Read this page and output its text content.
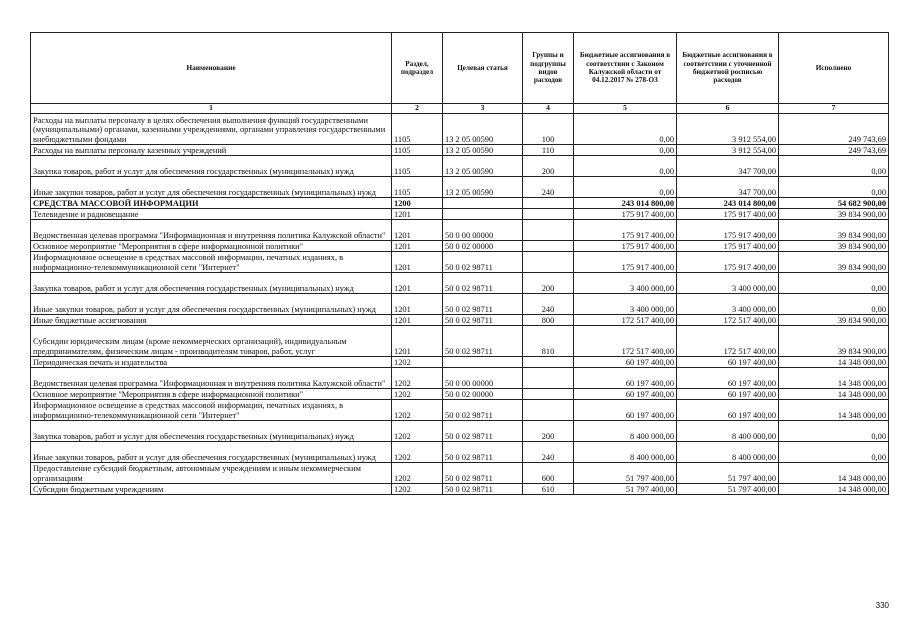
Наименование	Раздел, подраздел	Целевая статья	Группы и подгруппы видов расходов	Бюджетные ассигнования в соответствии с Законом Калужской области от 04.12.2017 № 278-ОЗ	Бюджетные ассигнования в соответствии с уточненной бюджетной росписью расходов	Исполнено
1	2	3	4	5	6	7
Расходы на выплаты персоналу в целях обеспечения выполнения функций государственными (муниципальными) органами, казенными учреждениями, органами управления государственными внебюджетными фондами	1105	13 2 05 00590	100	0,00	3 912 554,00	249 743,69
Расходы на выплаты персоналу казенных учреждений	1105	13 2 05 00590	110	0,00	3 912 554,00	249 743,69
Закупка товаров, работ и услуг для обеспечения государственных (муниципальных) нужд	1105	13 2 05 00590	200	0,00	347 700,00	0,00
Иные закупки товаров, работ и услуг для обеспечения государственных (муниципальных) нужд	1105	13 2 05 00590	240	0,00	347 700,00	0,00
СРЕДСТВА МАССОВОЙ ИНФОРМАЦИИ	1200			243 014 800,00	243 014 800,00	54 682 900,00
Телевидение и радиовещание	1201			175 917 400,00	175 917 400,00	39 834 900,00
Ведомственная целевая программа "Информационная и внутренняя политика Калужской области"	1201	50 0 00 00000		175 917 400,00	175 917 400,00	39 834 900,00
Основное мероприятие "Мероприятия в сфере информационной политики"	1201	50 0 02 00000		175 917 400,00	175 917 400,00	39 834 900,00
Информационное освещение в средствах массовой информации, печатных изданиях, в информационно-телекоммуникационной сети "Интернет"	1201	50 0 02 98711		175 917 400,00	175 917 400,00	39 834 900,00
Закупка товаров, работ и услуг для обеспечения государственных (муниципальных) нужд	1201	50 0 02 98711	200	3 400 000,00	3 400 000,00	0,00
Иные закупки товаров, работ и услуг для обеспечения государственных (муниципальных) нужд	1201	50 0 02 98711	240	3 400 000,00	3 400 000,00	0,00
Иные бюджетные ассигнования	1201	50 0 02 98711	800	172 517 400,00	172 517 400,00	39 834 900,00
Субсидии юридическим лицам (кроме некоммерческих организаций), индивидуальным предпринимателям, физическим лицам - производителям товаров, работ, услуг	1201	50 0 02 98711	810	172 517 400,00	172 517 400,00	39 834 900,00
Периодическая печать и издательства	1202			60 197 400,00	60 197 400,00	14 348 000,00
Ведомственная целевая программа "Информационная и внутренняя политика Калужской области"	1202	50 0 00 00000		60 197 400,00	60 197 400,00	14 348 000,00
Основное мероприятие "Мероприятия в сфере информационной политики"	1202	50 0 02 00000		60 197 400,00	60 197 400,00	14 348 000,00
Информационное освещение в средствах массовой информации, печатных изданиях, в информационно-телекоммуникационной сети "Интернет"	1202	50 0 02 98711		60 197 400,00	60 197 400,00	14 348 000,00
Закупка товаров, работ и услуг для обеспечения государственных (муниципальных) нужд	1202	50 0 02 98711	200	8 400 000,00	8 400 000,00	0,00
Иные закупки товаров, работ и услуг для обеспечения государственных (муниципальных) нужд	1202	50 0 02 98711	240	8 400 000,00	8 400 000,00	0,00
Предоставление субсидий бюджетным, автономным учреждениям и иным некоммерческим организациям	1202	50 0 02 98711	600	51 797 400,00	51 797 400,00	14 348 000,00
Субсидии бюджетным учреждениям	1202	50 0 02 98711	610	51 797 400,00	51 797 400,00	14 348 000,00
330
